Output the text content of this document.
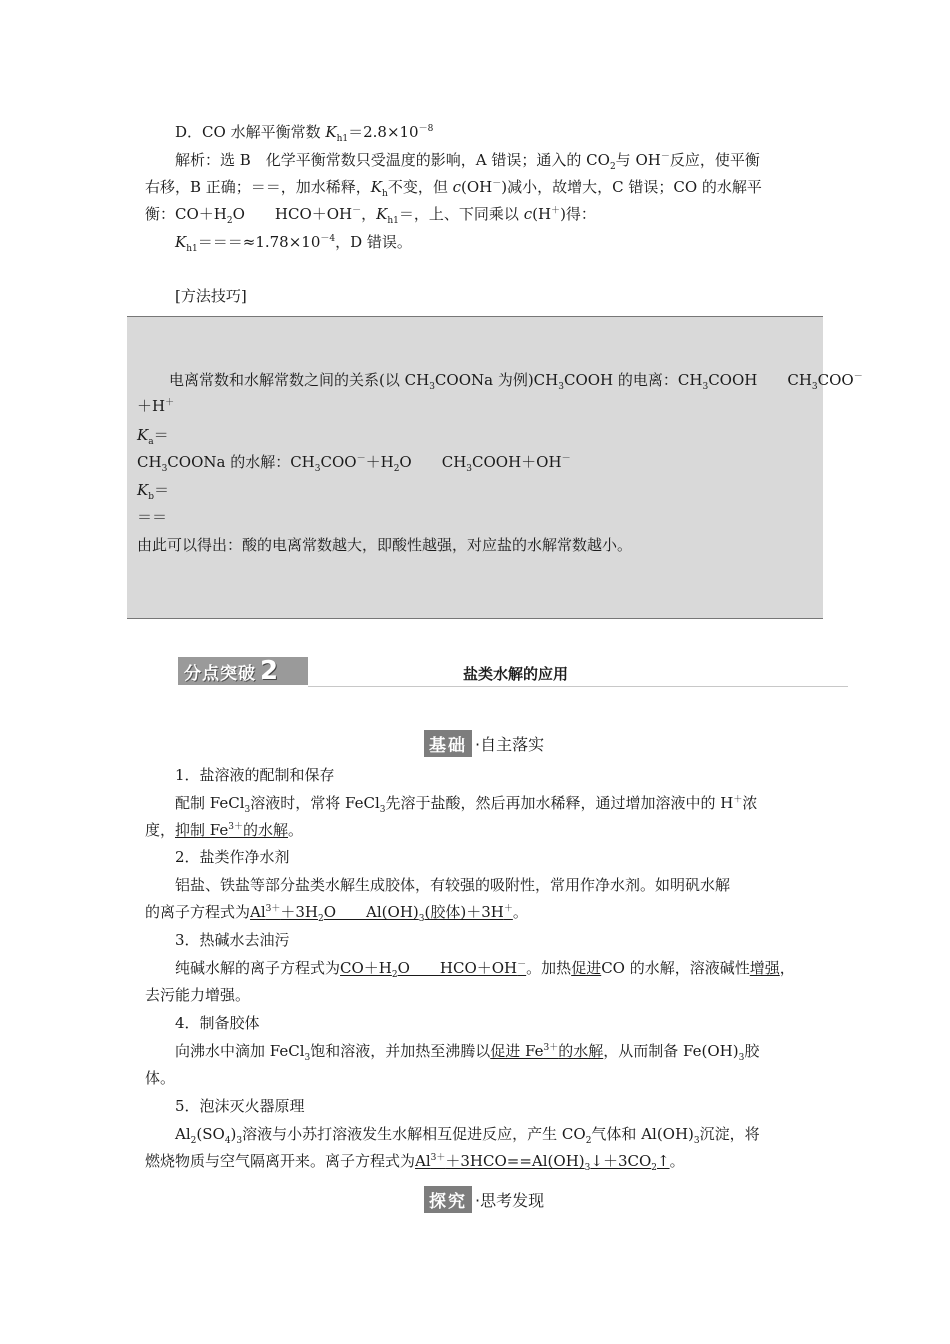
D．CO 水解平衡常数 $K_{h1}=2.8\times 10^{-8}$
解析：选 B　化学平衡常数只受温度的影响，A 错误；通入的 $CO_2$与 OH－反应，使平衡
右移，B 正确；＝＝，加水稀释，$K_h$不变，但 c(OH－)减小，故增大，C 错误；CO 的水解平
衡：$CO+H_2O$　　HCO＋OH－，$K_{h1}=$，上、下同乘以 c(H＋)得：
$K_{h1}===\approx 1.78\times 10^{-4}$，D 错误。
[方法技巧]
电离常数和水解常数之间的关系(以 $CH_3COONa$ 为例)$CH_3COOH$ 的电离：$CH_3COOH$　　$CH_3COO^-$
＋H＋
$K_a=$
$CH_3COONa$ 的水解：$CH_3COO^-+H_2O$　　$CH_3COOH+OH^-$
$K_b=$
＝＝
由此可以得出：酸的电离常数越大，即酸性越强，对应盐的水解常数越小。
分点突破 2	盐类水解的应用
基础 ·自主落实
1．盐溶液的配制和保存
配制 FeCl$_3$溶液时，常将 FeCl$_3$先溶于盐酸，然后再加水稀释，通过增加溶液中的 H＋浓
度，抑制 $Fe^{3+}$的水解。
2．盐类作净水剂
铝盐、铁盐等部分盐类水解生成胶体，有较强的吸附性，常用作净水剂。如明矾水解
的离子方程式为$Al^{3+}+3H_2O$　　$Al(OH)_3$(胶体)＋3H＋。
3．热碱水去油污
纯碱水解的离子方程式为$CO+H_2O$　　HCO＋OH－。加热促进CO 的水解，溶液碱性增强，
去污能力增强。
4．制备胶体
向沸水中滴加 FeCl$_3$饱和溶液，并加热至沸腾以促进 $Fe^{3+}$的水解，从而制备 $Fe(OH)_3$胶
体。
5．泡沫灭火器原理
$Al_2(SO_4)_3$溶液与小苏打溶液发生水解相互促进反应，产生 $CO_2$气体和 $Al(OH)_3$沉淀，将
燃烧物质与空气隔离开来。离子方程式为$Al^{3+}+3HCO==Al(OH)_3↓+3CO_2↑$。
探究 ·思考发现
